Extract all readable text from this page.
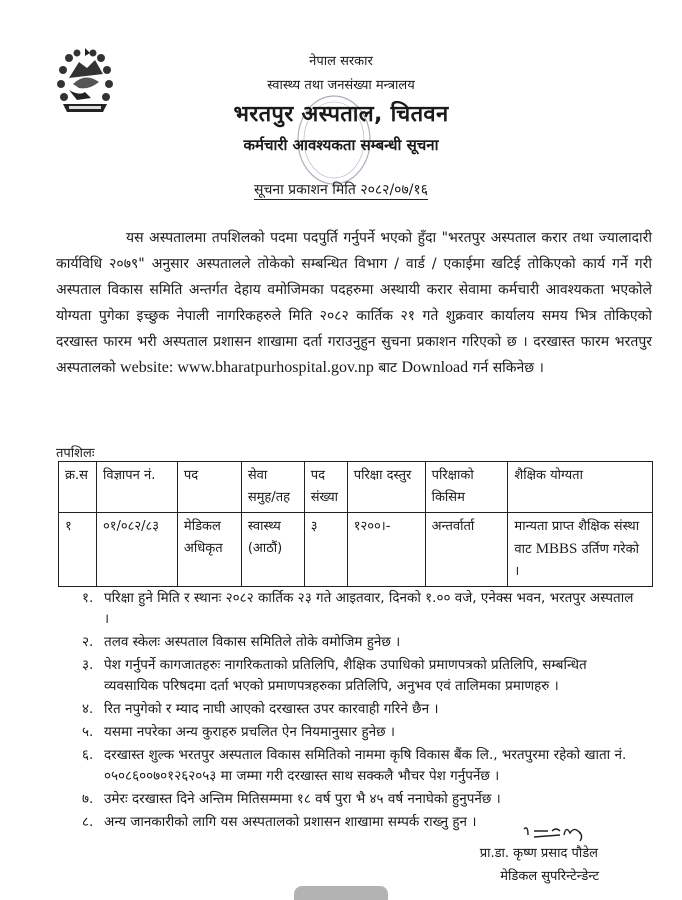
नेपाल सरकार
स्वास्थ्य तथा जनसंख्या मन्त्रालय
भरतपुर अस्पताल, चितवन
कर्मचारी आवश्यकता सम्बन्धी सूचना
सूचना प्रकाशन मिति २०८२/०७/१६
यस अस्पतालमा तपशिलको पदमा पदपुर्ति गर्नुपर्ने भएको हुँदा "भरतपुर अस्पताल करार तथा ज्यालादारी कार्यविधि २०७९" अनुसार अस्पतालले तोकेको सम्बन्धित विभाग / वार्ड / एकाईमा खटिई तोकिएको कार्य गर्ने गरी अस्पताल विकास समिति अन्तर्गत देहाय वमोजिमका पदहरुमा अस्थायी करार सेवामा कर्मचारी आवश्यकता भएकोले योग्यता पुगेका इच्छुक नेपाली नागरिकहरुले मिति २०८२ कार्तिक २१ गते शुक्रवार कार्यालय समय भित्र तोकिएको दरखास्त फारम भरी अस्पताल प्रशासन शाखामा दर्ता गराउनुहुन सुचना प्रकाशन गरिएको छ । दरखास्त फारम भरतपुर अस्पतालको website: www.bharatpurhospital.gov.np बाट Download गर्न सकिनेछ ।
तपशिलः
क्र.स	विज्ञापन नं.	पद	सेवा समुह/तह	पद संख्या	परिक्षा दस्तुर	परिक्षाको किसिम	शैक्षिक योग्यता
१	०१/०८२/८३	मेडिकल अधिकृत	स्वास्थ्य (आठौं)	३	१२००।-	अन्तर्वार्ता	मान्यता प्राप्त शैक्षिक संस्था वाट MBBS उर्तिण गरेको ।
१. परिक्षा हुने मिति र स्थानः २०८२ कार्तिक २३ गते आइतवार, दिनको १.०० वजे, एनेक्स भवन, भरतपुर अस्पताल ।
२. तलव स्केलः अस्पताल विकास समितिले तोके वमोजिम हुनेछ ।
३. पेश गर्नुपर्ने कागजातहरुः नागरिकताको प्रतिलिपि, शैक्षिक उपाधिको प्रमाणपत्रको प्रतिलिपि, सम्बन्धित व्यवसायिक परिषदमा दर्ता भएको प्रमाणपत्रहरुका प्रतिलिपि, अनुभव एवं तालिमका प्रमाणहरु ।
४. रित नपुगेको र म्याद नाघी आएको दरखास्त उपर कारवाही गरिने छैन ।
५. यसमा नपरेका अन्य कुराहरु प्रचलित ऐन नियमानुसार हुनेछ ।
६. दरखास्त शुल्क भरतपुर अस्पताल विकास समितिको नाममा कृषि विकास बैंक लि., भरतपुरमा रहेको खाता नं. ०५०८६००७०१२६२०५३ मा जम्मा गरी दरखास्त साथ सक्कलै भौचर पेश गर्नुपर्नेछ ।
७. उमेरः दरखास्त दिने अन्तिम मितिसम्ममा १८ वर्ष पुरा भै ४५ वर्ष ननाघेको हुनुपर्नेछ ।
८. अन्य जानकारीको लागि यस अस्पतालको प्रशासन शाखामा सम्पर्क राख्नु हुन ।
प्रा.डा. कृष्ण प्रसाद पौडेल
मेडिकल सुपरिन्टेन्डेन्ट
